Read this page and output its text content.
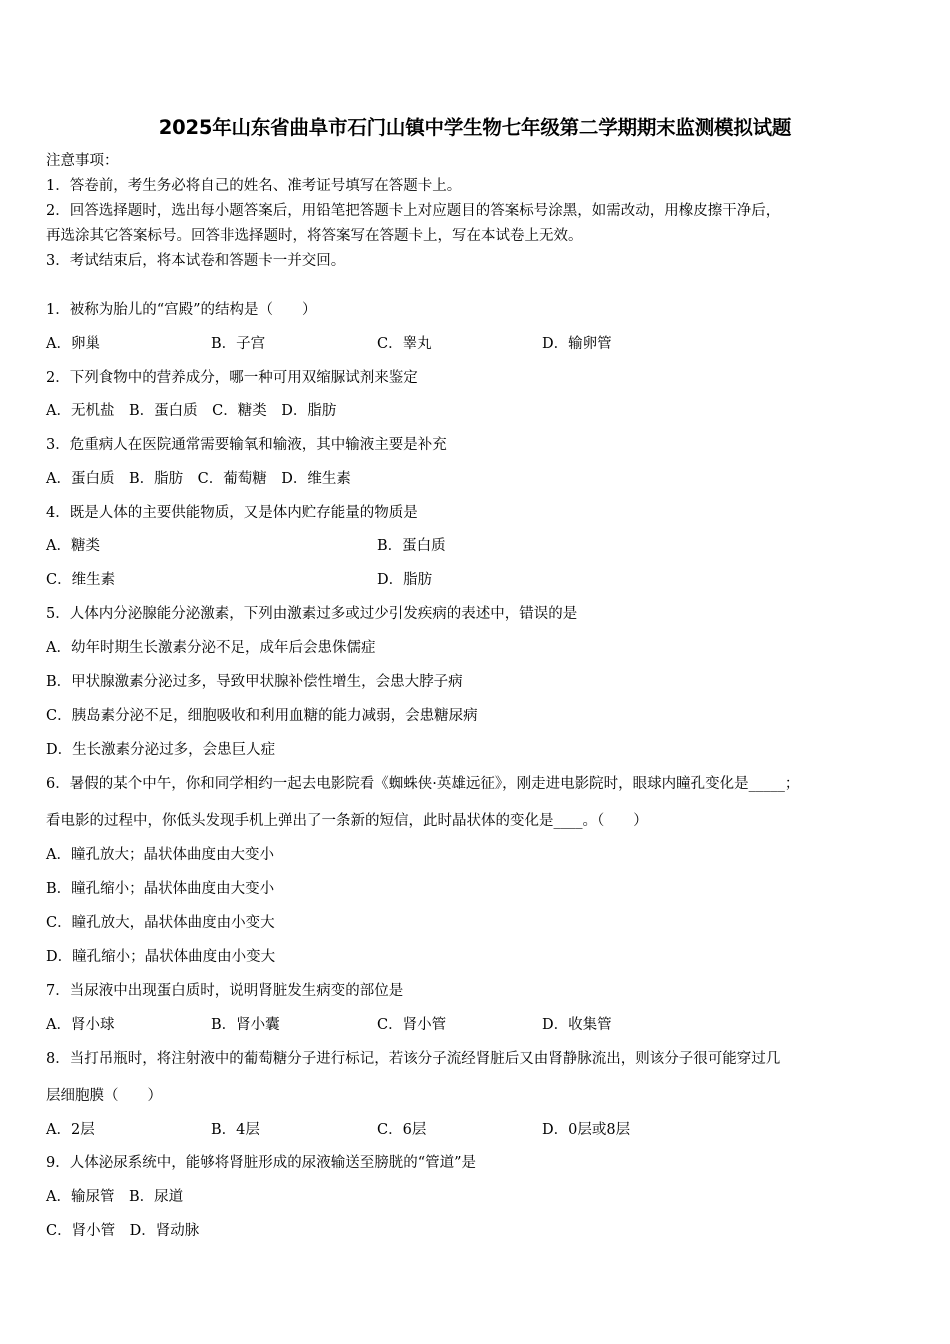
2025年山东省曲阜市石门山镇中学生物七年级第二学期期末监测模拟试题
注意事项：
1．答卷前，考生务必将自己的姓名、准考证号填写在答题卡上。
2．回答选择题时，选出每小题答案后，用铅笔把答题卡上对应题目的答案标号涂黑，如需改动，用橡皮擦干净后，
再选涂其它答案标号。回答非选择题时，将答案写在答题卡上，写在本试卷上无效。
3．考试结束后，将本试卷和答题卡一并交回。
1．被称为胎儿的“宫殿”的结构是（　　）
A．卵巢	B．子宫	C．睾丸	D．输卵管
2．下列食物中的营养成分，哪一种可用双缩脲试剂来鉴定
A．无机盐　B．蛋白质　C．糖类　D．脂肪
3．危重病人在医院通常需要输氧和输液，其中输液主要是补充
A．蛋白质　B．脂肪　C．葡萄糖　D．维生素
4．既是人体的主要供能物质，又是体内贮存能量的物质是
A．糖类	B．蛋白质
C．维生素	D．脂肪
5．人体内分泌腺能分泌激素，下列由激素过多或过少引发疾病的表述中，错误的是
A．幼年时期生长激素分泌不足，成年后会患侏儒症
B．甲状腺激素分泌过多，导致甲状腺补偿性增生，会患大脖子病
C．胰岛素分泌不足，细胞吸收和利用血糖的能力减弱，会患糖尿病
D．生长激素分泌过多，会患巨人症
6．暑假的某个中午，你和同学相约一起去电影院看《蜘蛛侠·英雄远征》，刚走进电影院时，眼球内瞳孔变化是_____；
看电影的过程中，你低头发现手机上弹出了一条新的短信，此时晶状体的变化是____。（　　）
A．瞳孔放大；晶状体曲度由大变小
B．瞳孔缩小；晶状体曲度由大变小
C．瞳孔放大，晶状体曲度由小变大
D．瞳孔缩小；晶状体曲度由小变大
7．当尿液中出现蛋白质时，说明肾脏发生病变的部位是
A．肾小球	B．肾小囊	C．肾小管	D．收集管
8．当打吊瓶时，将注射液中的葡萄糖分子进行标记，若该分子流经肾脏后又由肾静脉流出，则该分子很可能穿过几
层细胞膜（　　）
A．2层	B．4层	C．6层	D．0层或8层
9．人体泌尿系统中，能够将肾脏形成的尿液输送至膀胱的“管道”是
A．输尿管　B．尿道
C．肾小管　D．肾动脉
